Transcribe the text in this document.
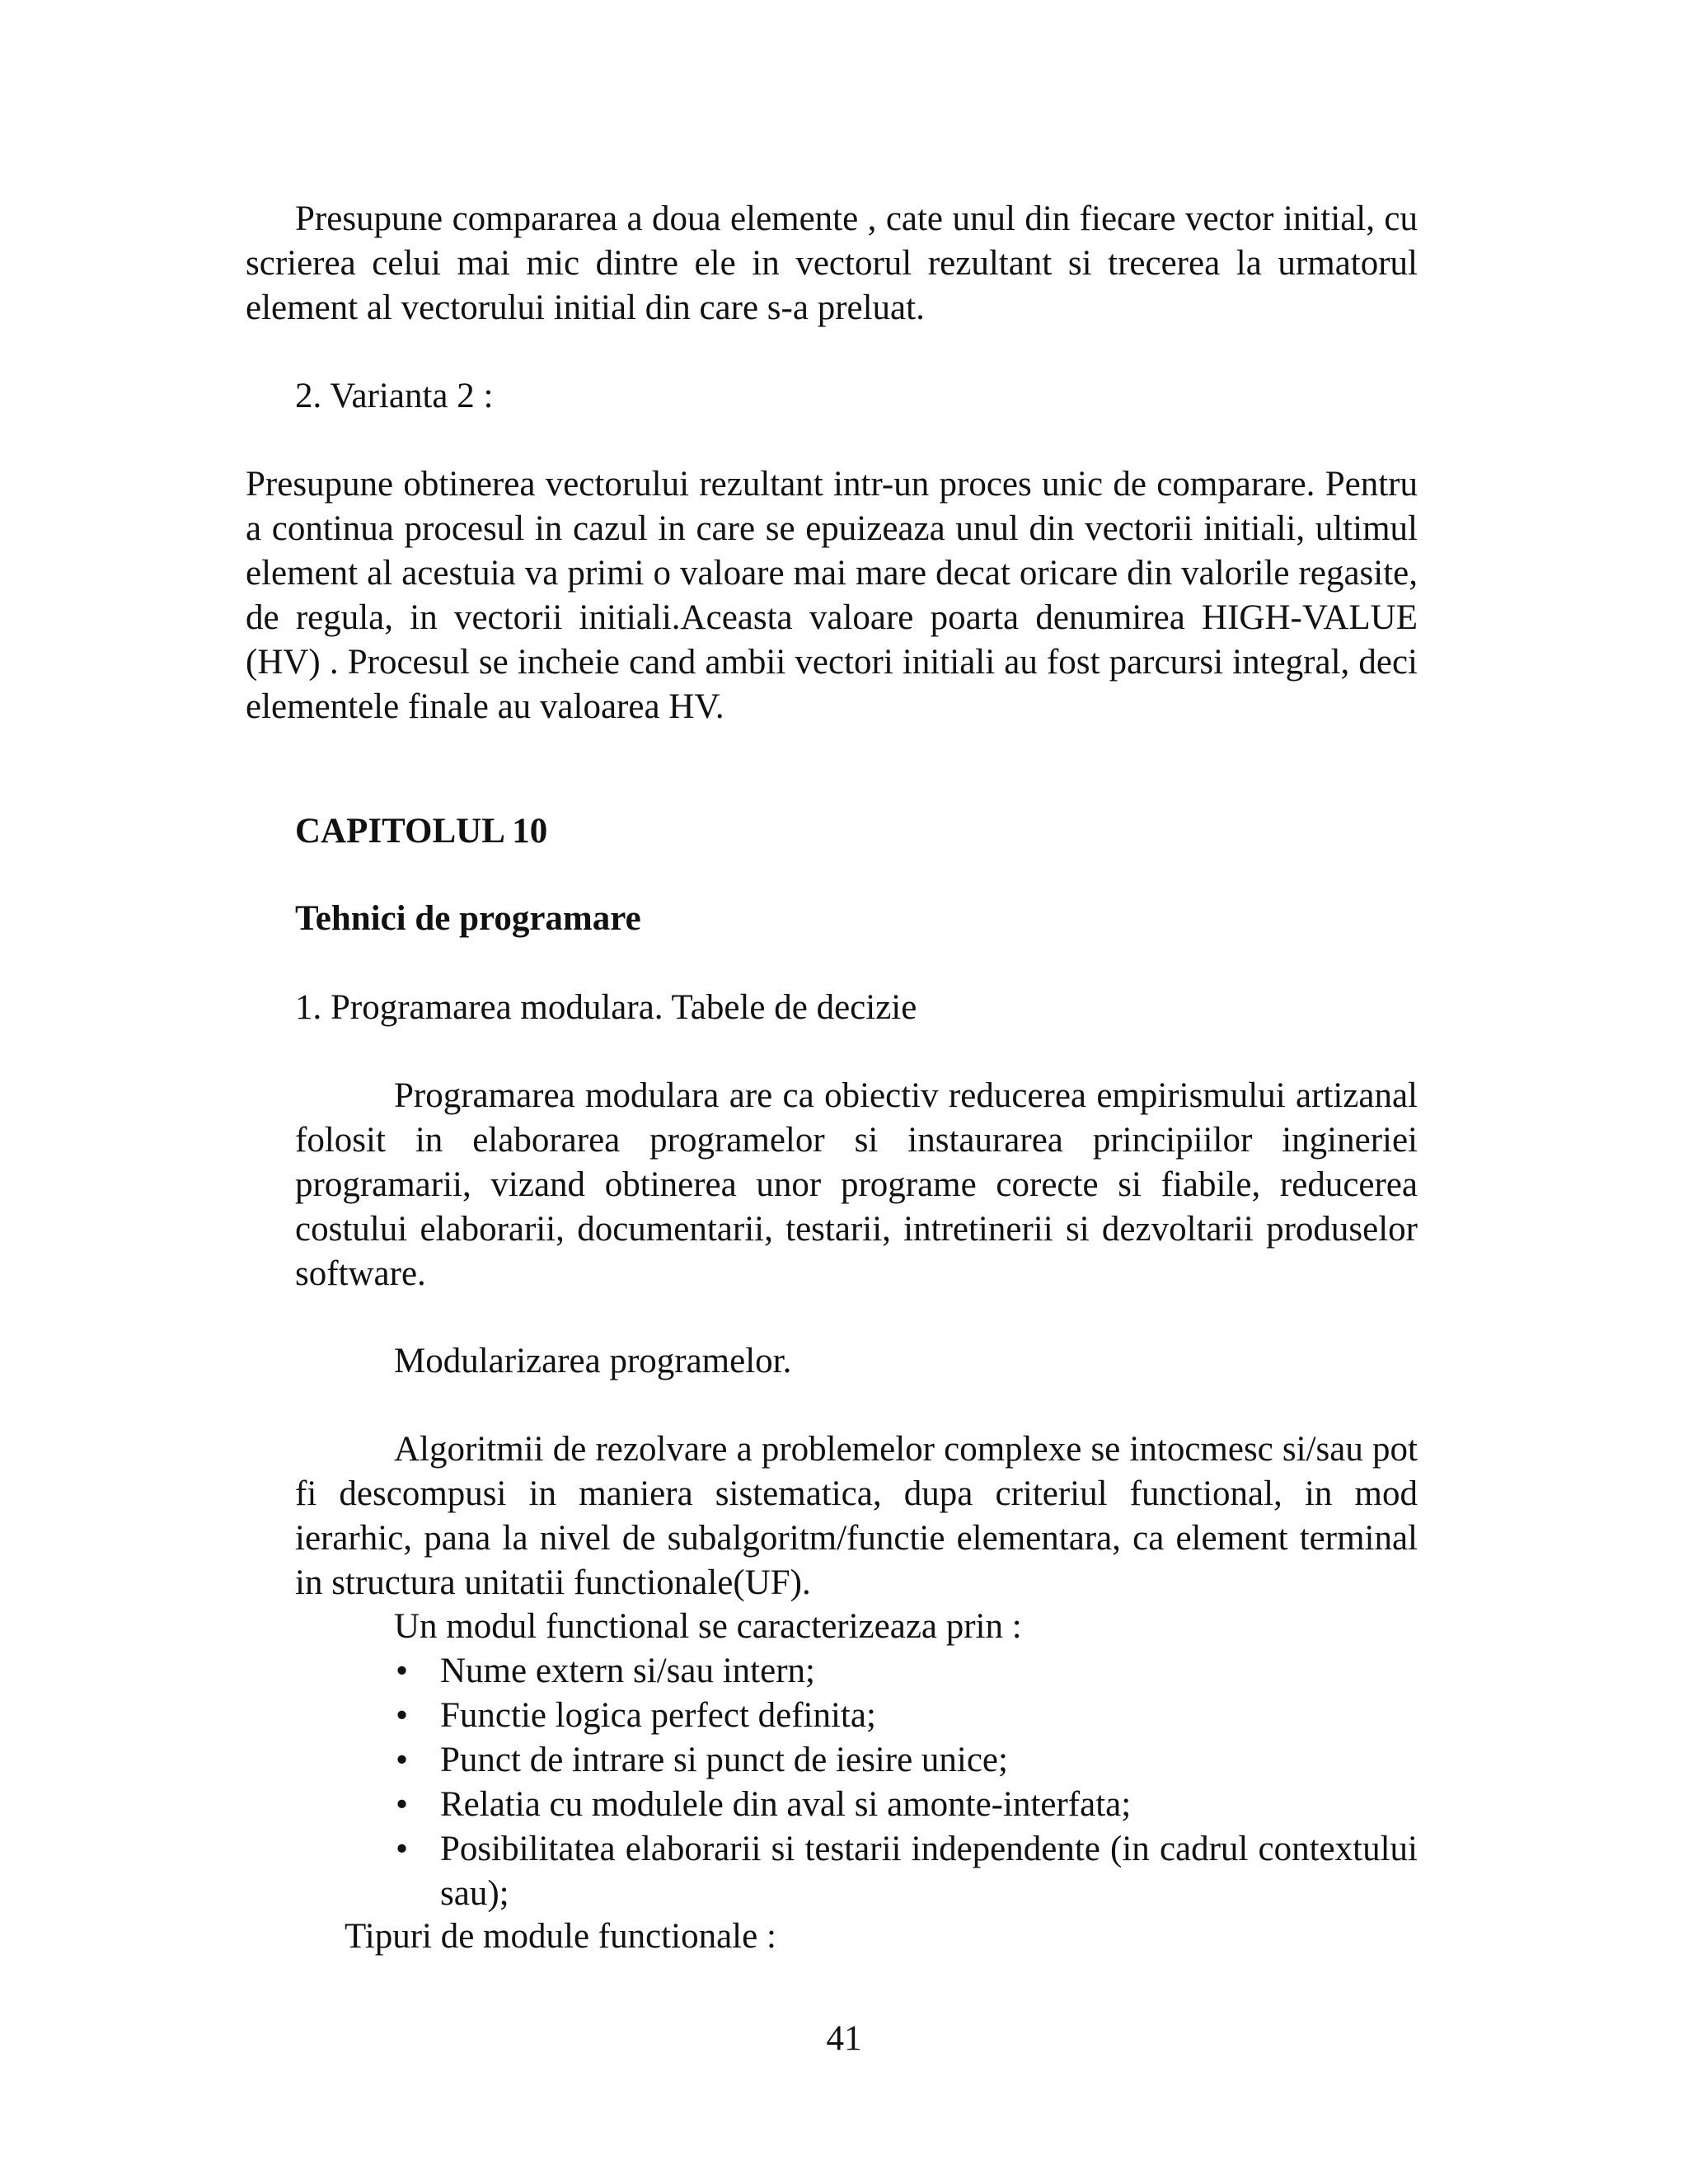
Presupune compararea a doua elemente , cate unul din fiecare vector initial, cu scrierea celui mai mic dintre ele in vectorul rezultant si trecerea la urmatorul element al vectorului initial din care s-a preluat.

2. Varianta 2 :

Presupune obtinerea vectorului rezultant intr-un proces unic de comparare. Pentru a continua procesul in cazul in care se epuizeaza unul din vectorii initiali, ultimul element al acestuia va primi o valoare mai mare decat oricare din valorile regasite, de regula, in vectorii initiali.Aceasta valoare poarta denumirea HIGH-VALUE (HV) . Procesul se incheie cand ambii vectori initiali au fost parcursi integral, deci elementele finale au valoarea HV.

CAPITOLUL 10

Tehnici de programare

1. Programarea modulara. Tabele de decizie

Programarea modulara are ca obiectiv reducerea empirismului artizanal folosit in elaborarea programelor si instaurarea principiilor ingineriei programarii, vizand obtinerea unor programe corecte si fiabile, reducerea costului elaborarii, documentarii, testarii, intretinerii si dezvoltarii produselor software.

Modularizarea programelor.

Algoritmii de rezolvare a problemelor complexe se intocmesc si/sau pot fi descompusi in maniera sistematica, dupa criteriul functional, in mod ierarhic, pana la nivel de subalgoritm/functie elementara, ca element terminal in structura unitatii functionale(UF).

Un modul functional se caracterizeaza prin :

• Nume extern si/sau intern;
• Functie logica perfect definita;
• Punct de intrare si punct de iesire unice;
• Relatia cu modulele din aval si amonte-interfata;
• Posibilitatea elaborarii si testarii independente (in cadrul contextului sau);

Tipuri de module functionale :

41
